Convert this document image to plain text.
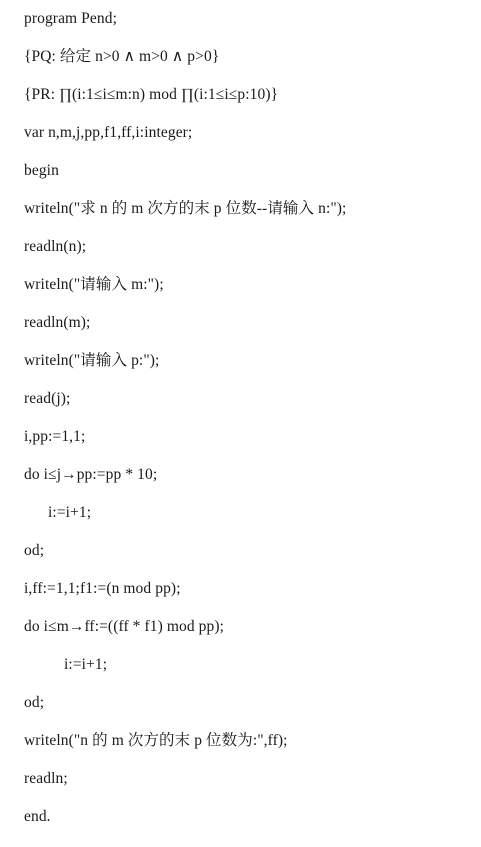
program Pend;
{PQ: 给定 n>0 ∧ m>0 ∧ p>0}
{PR: ∏(i:1≤i≤m:n) mod ∏(i:1≤i≤p:10)}
var n,m,j,pp,f1,ff,i:integer;
begin
writeln("求 n 的 m 次方的末 p 位数--请输入 n:");
readln(n);
writeln("请输入 m:");
readln(m);
writeln("请输入 p:");
read(j);
i,pp:=1,1;
do i≤j→pp:=pp * 10;
i:=i+1;
od;
i,ff:=1,1;f1:=(n mod pp);
do i≤m→ff:=((ff * f1) mod pp);
i:=i+1;
od;
writeln("n 的 m 次方的末 p 位数为:",ff);
readln;
end.
